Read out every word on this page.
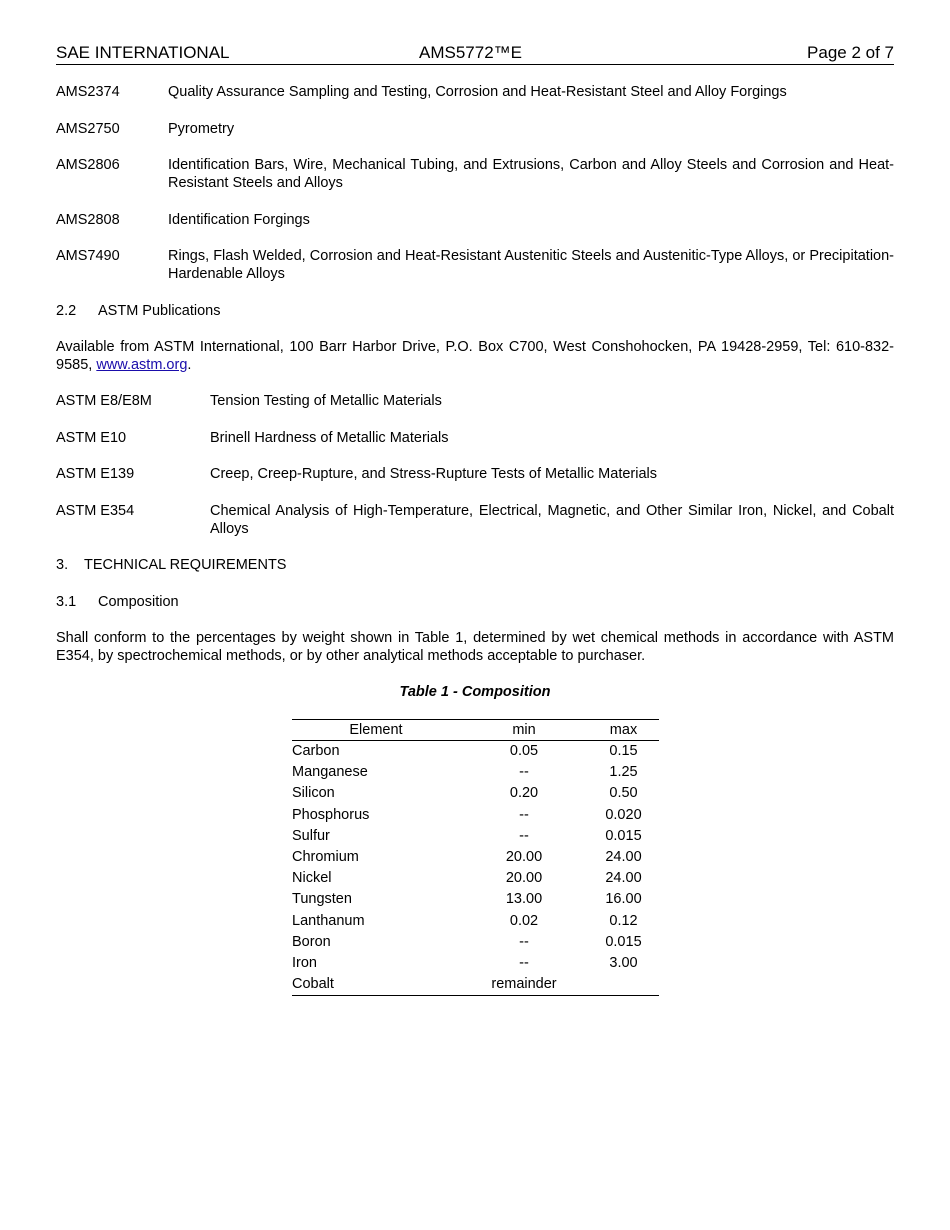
SAE INTERNATIONAL	AMS5772™E	Page 2 of 7
AMS2374	Quality Assurance Sampling and Testing, Corrosion and Heat-Resistant Steel and Alloy Forgings
AMS2750	Pyrometry
AMS2806	Identification Bars, Wire, Mechanical Tubing, and Extrusions, Carbon and Alloy Steels and Corrosion and Heat-Resistant Steels and Alloys
AMS2808	Identification Forgings
AMS7490	Rings, Flash Welded, Corrosion and Heat-Resistant Austenitic Steels and Austenitic-Type Alloys, or Precipitation-Hardenable Alloys
2.2 ASTM Publications
Available from ASTM International, 100 Barr Harbor Drive, P.O. Box C700, West Conshohocken, PA 19428-2959, Tel: 610-832-9585, www.astm.org.
ASTM E8/E8M	Tension Testing of Metallic Materials
ASTM E10	Brinell Hardness of Metallic Materials
ASTM E139	Creep, Creep-Rupture, and Stress-Rupture Tests of Metallic Materials
ASTM E354	Chemical Analysis of High-Temperature, Electrical, Magnetic, and Other Similar Iron, Nickel, and Cobalt Alloys
3. TECHNICAL REQUIREMENTS
3.1 Composition
Shall conform to the percentages by weight shown in Table 1, determined by wet chemical methods in accordance with ASTM E354, by spectrochemical methods, or by other analytical methods acceptable to purchaser.
Table 1 - Composition
Element	min	max
Carbon	0.05	0.15
Manganese	--	1.25
Silicon	0.20	0.50
Phosphorus	--	0.020
Sulfur	--	0.015
Chromium	20.00	24.00
Nickel	20.00	24.00
Tungsten	13.00	16.00
Lanthanum	0.02	0.12
Boron	--	0.015
Iron	--	3.00
Cobalt	remainder	
